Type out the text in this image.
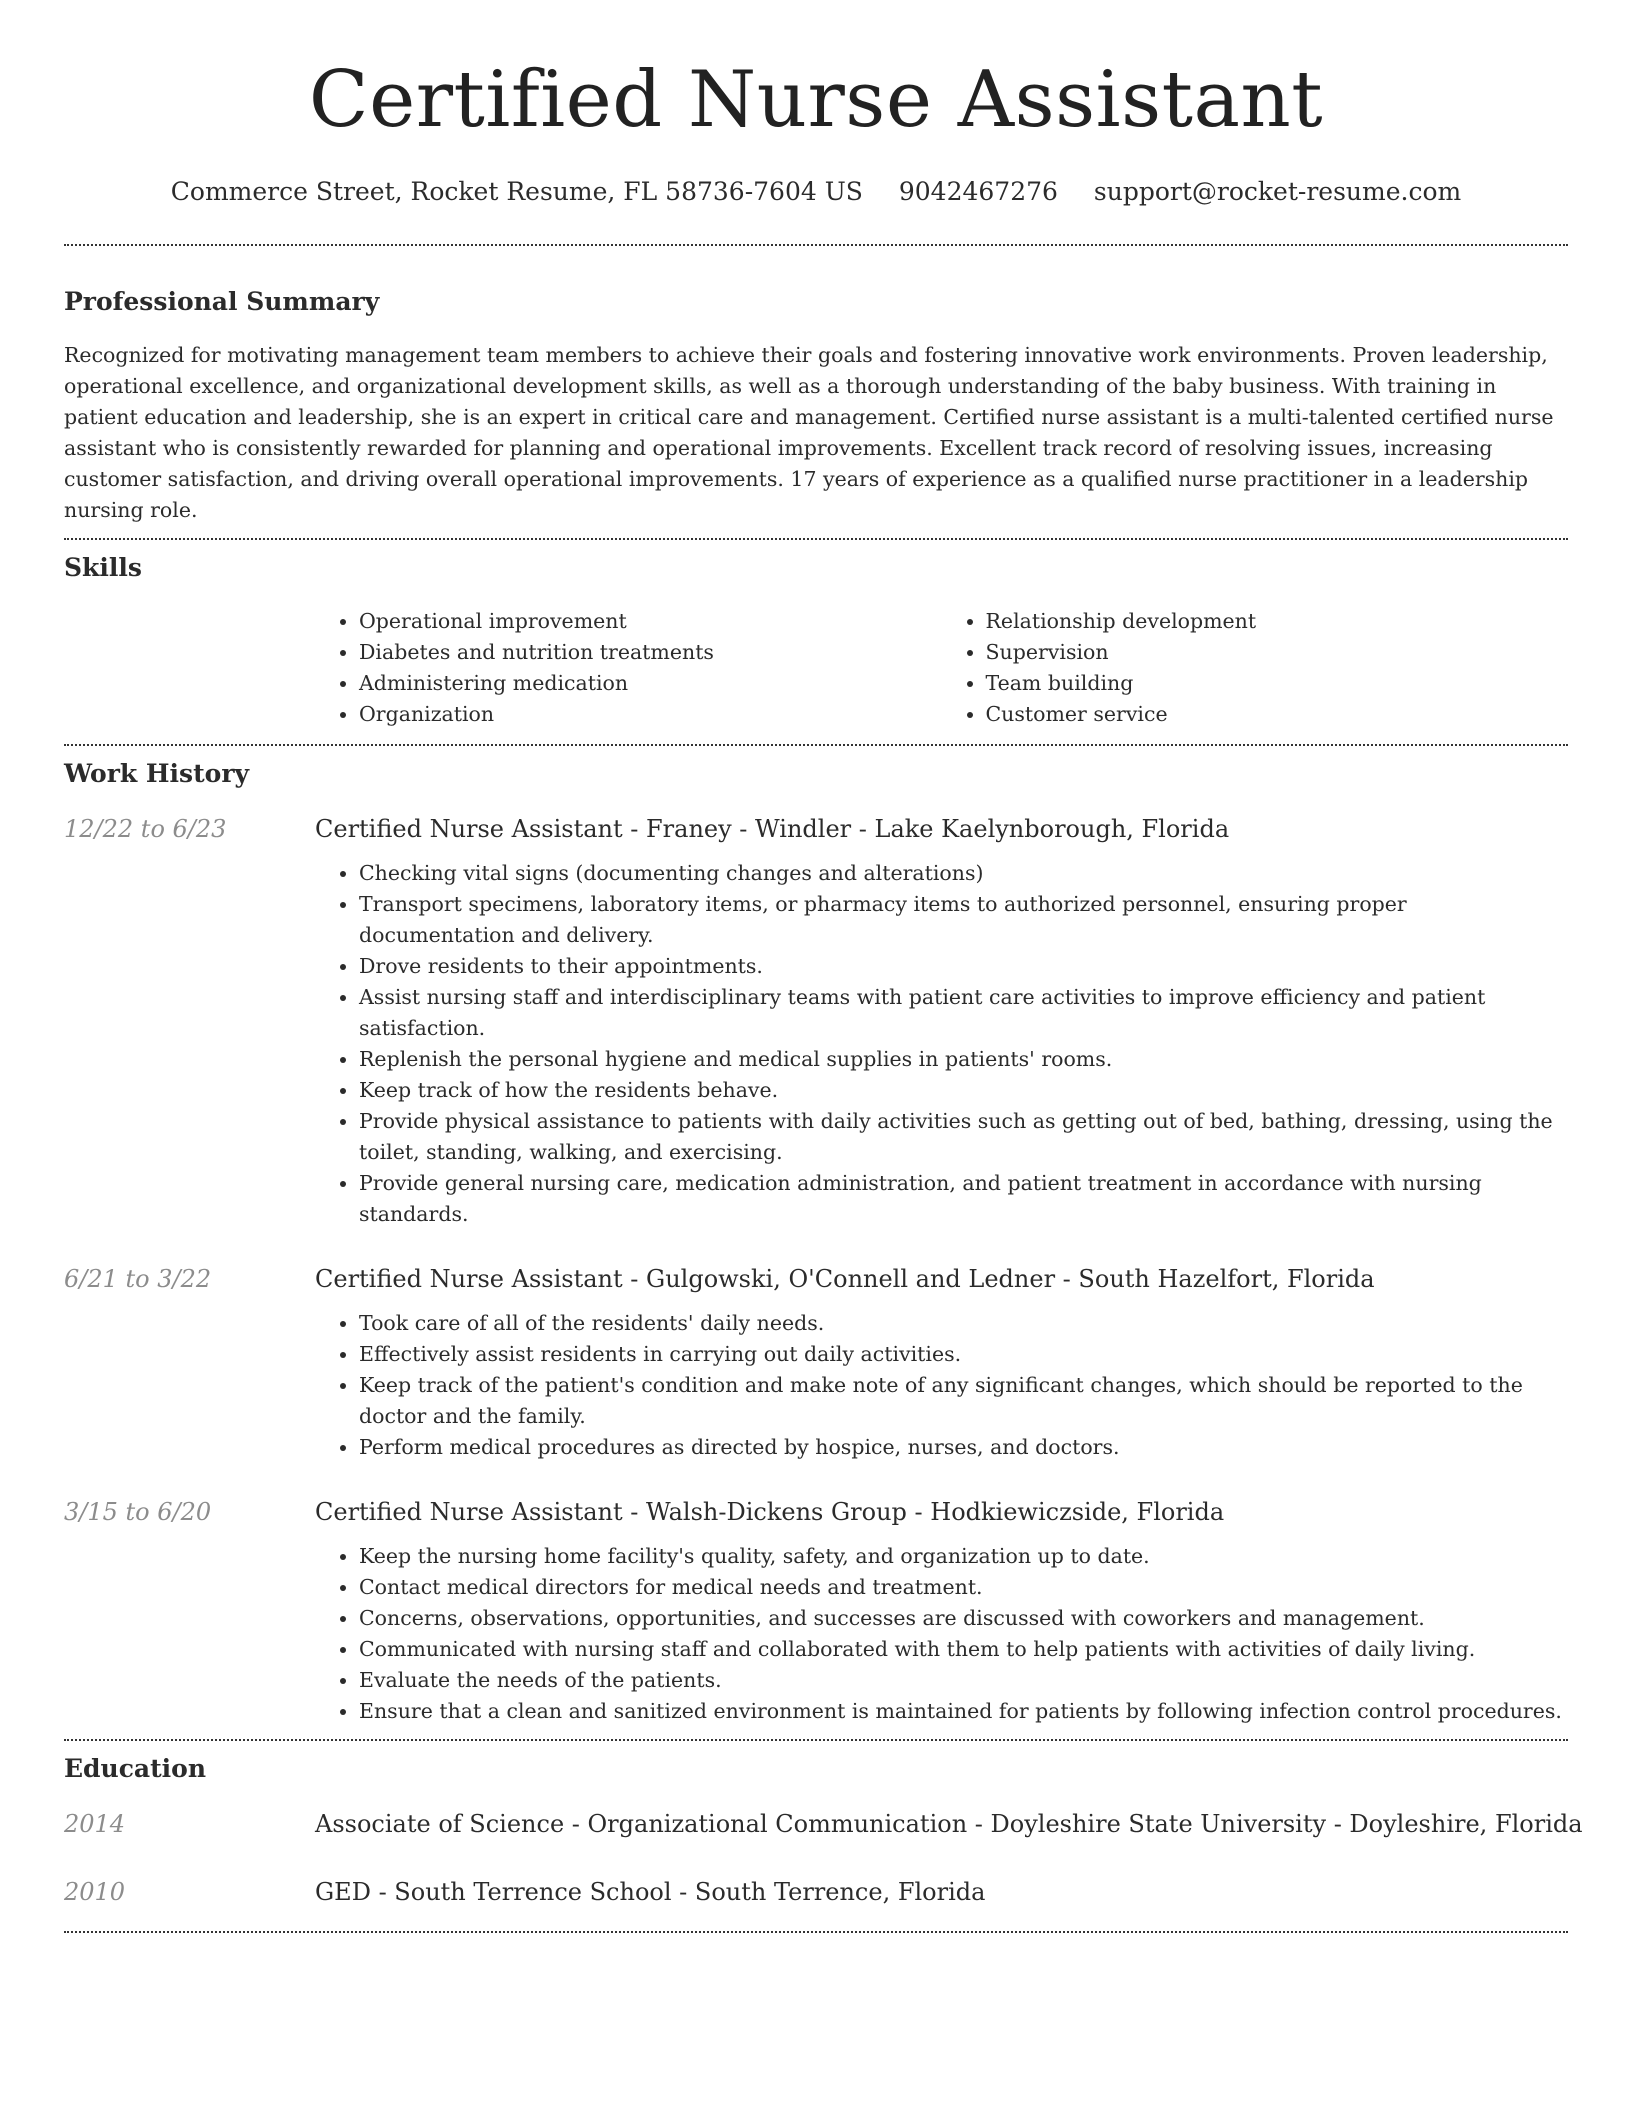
Certified Nurse Assistant
Commerce Street, Rocket Resume, FL 58736-7604 US 9042467276 support@rocket-resume.com
Professional Summary

Recognized for motivating management team members to achieve their goals and fostering innovative work environments. Proven leadership, operational excellence, and organizational development skills, as well as a thorough understanding of the baby business. With training in patient education and leadership, she is an expert in critical care and management. Certified nurse assistant is a multi-talented certified nurse assistant who is consistently rewarded for planning and operational improvements. Excellent track record of resolving issues, increasing customer satisfaction, and driving overall operational improvements. 17 years of experience as a qualified nurse practitioner in a leadership nursing role.

Skills
• Operational improvement
• Diabetes and nutrition treatments
• Administering medication
• Organization
• Relationship development
• Supervision
• Team building
• Customer service
Work History
12/22 to 6/23	Certified Nurse Assistant - Franey - Windler - Lake Kaelynborough, Florida
• Checking vital signs (documenting changes and alterations)
• Transport specimens, laboratory items, or pharmacy items to authorized personnel, ensuring proper documentation and delivery.
• Drove residents to their appointments.
• Assist nursing staff and interdisciplinary teams with patient care activities to improve efficiency and patient satisfaction.
• Replenish the personal hygiene and medical supplies in patients' rooms.
• Keep track of how the residents behave.
• Provide physical assistance to patients with daily activities such as getting out of bed, bathing, dressing, using the toilet, standing, walking, and exercising.
• Provide general nursing care, medication administration, and patient treatment in accordance with nursing standards.
6/21 to 3/22	Certified Nurse Assistant - Gulgowski, O'Connell and Ledner - South Hazelfort, Florida
• Took care of all of the residents' daily needs.
• Effectively assist residents in carrying out daily activities.
• Keep track of the patient's condition and make note of any significant changes, which should be reported to the doctor and the family.
• Perform medical procedures as directed by hospice, nurses, and doctors.
3/15 to 6/20	Certified Nurse Assistant - Walsh-Dickens Group - Hodkiewiczside, Florida
• Keep the nursing home facility's quality, safety, and organization up to date.
• Contact medical directors for medical needs and treatment.
• Concerns, observations, opportunities, and successes are discussed with coworkers and management.
• Communicated with nursing staff and collaborated with them to help patients with activities of daily living.
• Evaluate the needs of the patients.
• Ensure that a clean and sanitized environment is maintained for patients by following infection control procedures.
Education
2014	Associate of Science - Organizational Communication - Doyleshire State University - Doyleshire, Florida
2010	GED - South Terrence School - South Terrence, Florida
